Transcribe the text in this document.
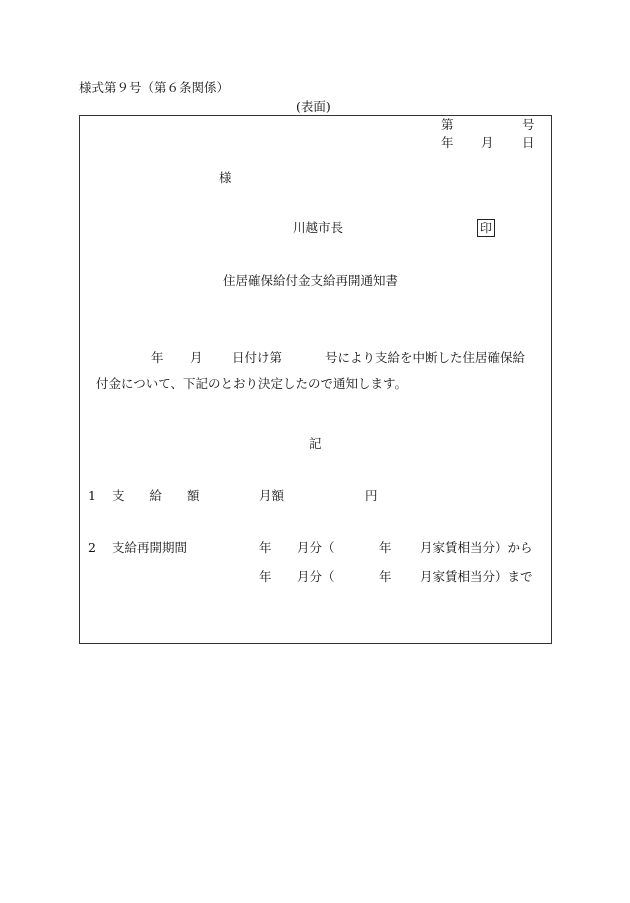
様式第９号（第６条関係）
(表面)
第	号
年 月 日
様
川越市長	印
住居確保給付金支給再開通知書
年 月 日付け第	号により支給を中断した住居確保給
付金について、下記のとおり決定したので通知します。
記
1 支　　給　　額	月額	円
2 支給再開期間	年 月分（	年 月家賃相当分）から
年 月分（	年 月家賃相当分）まで
